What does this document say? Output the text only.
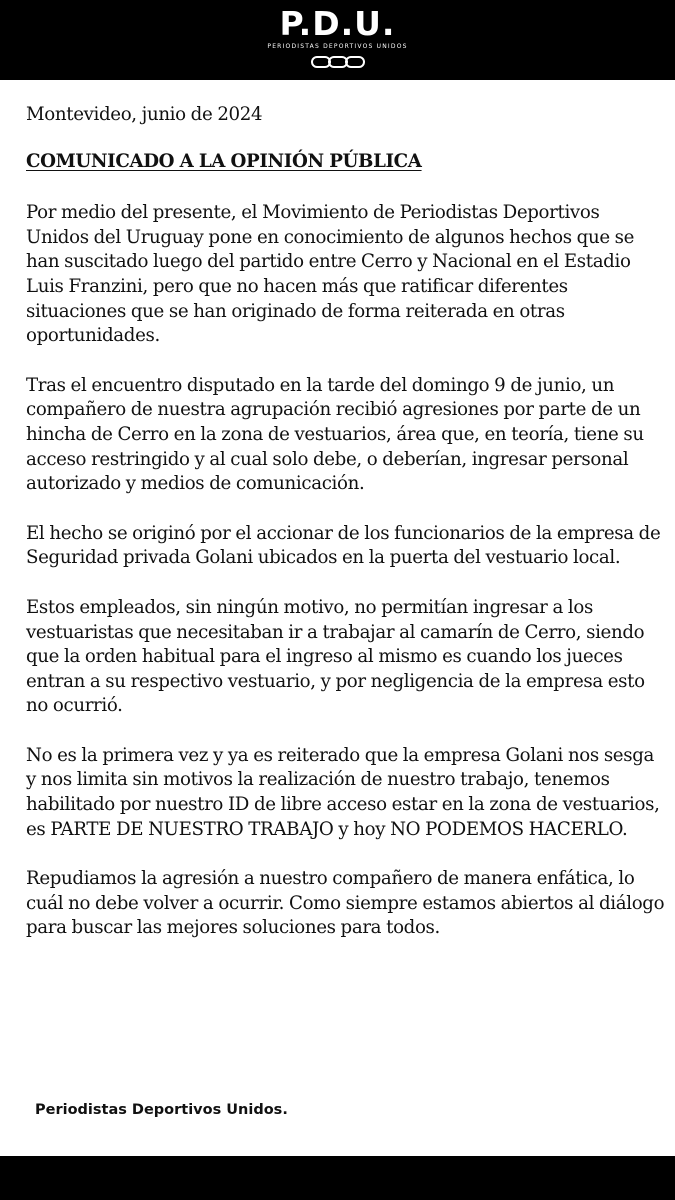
P.D.U.
PERIODISTAS DEPORTIVOS UNIDOS

Montevideo, junio de 2024

COMUNICADO A LA OPINIÓN PÚBLICA

Por medio del presente, el Movimiento de Periodistas Deportivos Unidos del Uruguay pone en conocimiento de algunos hechos que se han suscitado luego del partido entre Cerro y Nacional en el Estadio Luis Franzini, pero que no hacen más que ratificar diferentes situaciones que se han originado de forma reiterada en otras oportunidades.

Tras el encuentro disputado en la tarde del domingo 9 de junio, un compañero de nuestra agrupación recibió agresiones por parte de un hincha de Cerro en la zona de vestuarios, área que, en teoría, tiene su acceso restringido y al cual solo debe, o deberían, ingresar personal autorizado y medios de comunicación.

El hecho se originó por el accionar de los funcionarios de la empresa de Seguridad privada Golani ubicados en la puerta del vestuario local.

Estos empleados, sin ningún motivo, no permitían ingresar a los vestuaristas que necesitaban ir a trabajar al camarín de Cerro, siendo que la orden habitual para el ingreso al mismo es cuando los jueces entran a su respectivo vestuario, y por negligencia de la empresa esto no ocurrió.

No es la primera vez y ya es reiterado que la empresa Golani nos sesga y nos limita sin motivos la realización de nuestro trabajo, tenemos habilitado por nuestro ID de libre acceso estar en la zona de vestuarios, es PARTE DE NUESTRO TRABAJO y hoy NO PODEMOS HACERLO.

Repudiamos la agresión a nuestro compañero de manera enfática, lo cuál no debe volver a ocurrir. Como siempre estamos abiertos al diálogo para buscar las mejores soluciones para todos.

Periodistas Deportivos Unidos.
